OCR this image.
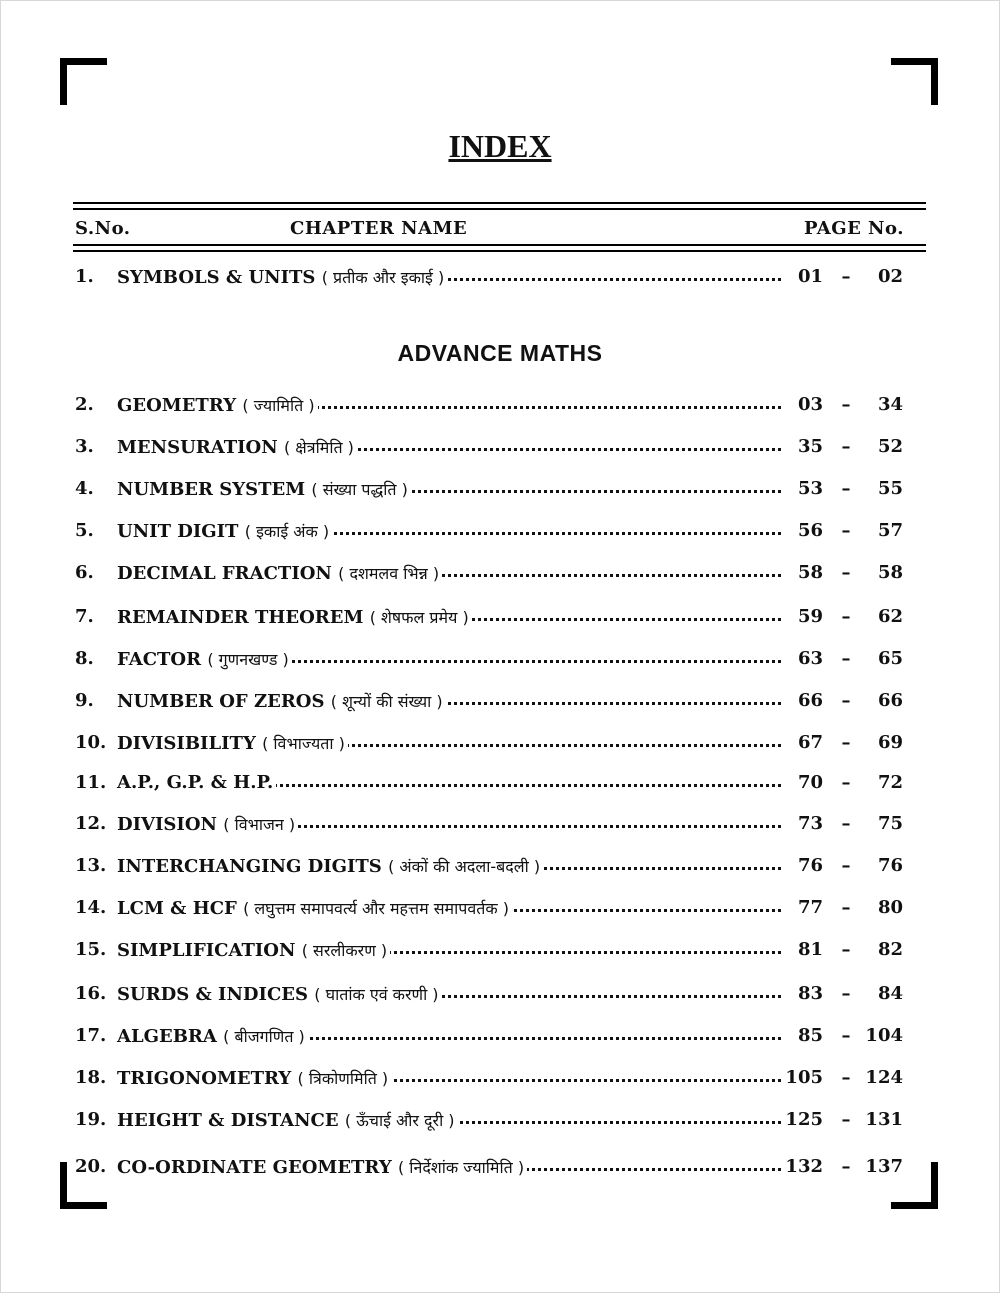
INDEX
S.No.	CHAPTER NAME	PAGE No.
1. SYMBOLS & UNITS ( प्रतीक और इकाई )	01 –	02
ADVANCE MATHS
2. GEOMETRY ( ज्यामिति )	03 –	34
3. MENSURATION ( क्षेत्रमिति )	35 –	52
4. NUMBER SYSTEM ( संख्या पद्धति )	53 –	55
5. UNIT DIGIT ( इकाई अंक )	56 –	57
6. DECIMAL FRACTION ( दशमलव भिन्न )	58 –	58
7. REMAINDER THEOREM ( शेषफल प्रमेय )	59 –	62
8. FACTOR ( गुणनखण्ड )	63 –	65
9. NUMBER OF ZEROS ( शून्यों की संख्या )	66 –	66
10. DIVISIBILITY ( विभाज्यता )	67 –	69
11. A.P., G.P. & H.P.	70 –	72
12. DIVISION ( विभाजन )	73 –	75
13. INTERCHANGING DIGITS ( अंकों की अदला-बदली )	76 –	76
14. LCM & HCF ( लघुत्तम समापवर्त्य और महत्तम समापवर्तक )	77 –	80
15. SIMPLIFICATION ( सरलीकरण )	81 –	82
16. SURDS & INDICES ( घातांक एवं करणी )	83 –	84
17. ALGEBRA ( बीजगणित )	85 – 104
18. TRIGONOMETRY ( त्रिकोणमिति )	105 – 124
19. HEIGHT & DISTANCE ( ऊँचाई और दूरी )	125 – 131
20. CO-ORDINATE GEOMETRY ( निर्देशांक ज्यामिति )	132 – 137
